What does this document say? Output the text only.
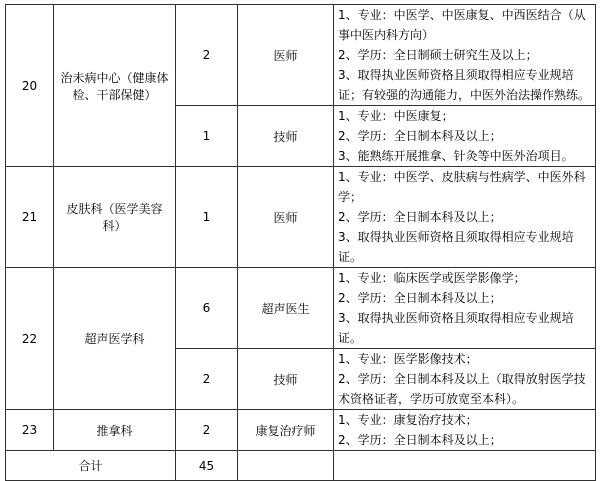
20	治未病中心（健康体检、干部保健）	2	医师	1、专业：中医学、中医康复、中西医结合（从事中医内科方向）
2、学历：全日制硕士研究生及以上；
3、取得执业医师资格且须取得相应专业规培证；有较强的沟通能力，中医外治法操作熟练。

		1	技师	1、专业：中医康复；
2、学历：全日制本科及以上；
3、能熟练开展推拿、针灸等中医外治项目。

21	皮肤科（医学美容科）	1	医师	1、专业：中医学、皮肤病与性病学、中医外科学；
2、学历：全日制本科及以上；
3、取得执业医师资格且须取得相应专业规培证。

22	超声医学科	6	超声医生	1、专业：临床医学或医学影像学；
2、学历：全日制本科及以上；
3、取得执业医师资格且须取得相应专业规培证。

		2	技师	1、专业：医学影像技术；
2、学历：全日制本科及以上（取得放射医学技术资格证者，学历可放宽至本科）。

23	推拿科	2	康复治疗师	1、专业：康复治疗技术；
2、学历：全日制本科及以上；

合计		45		
